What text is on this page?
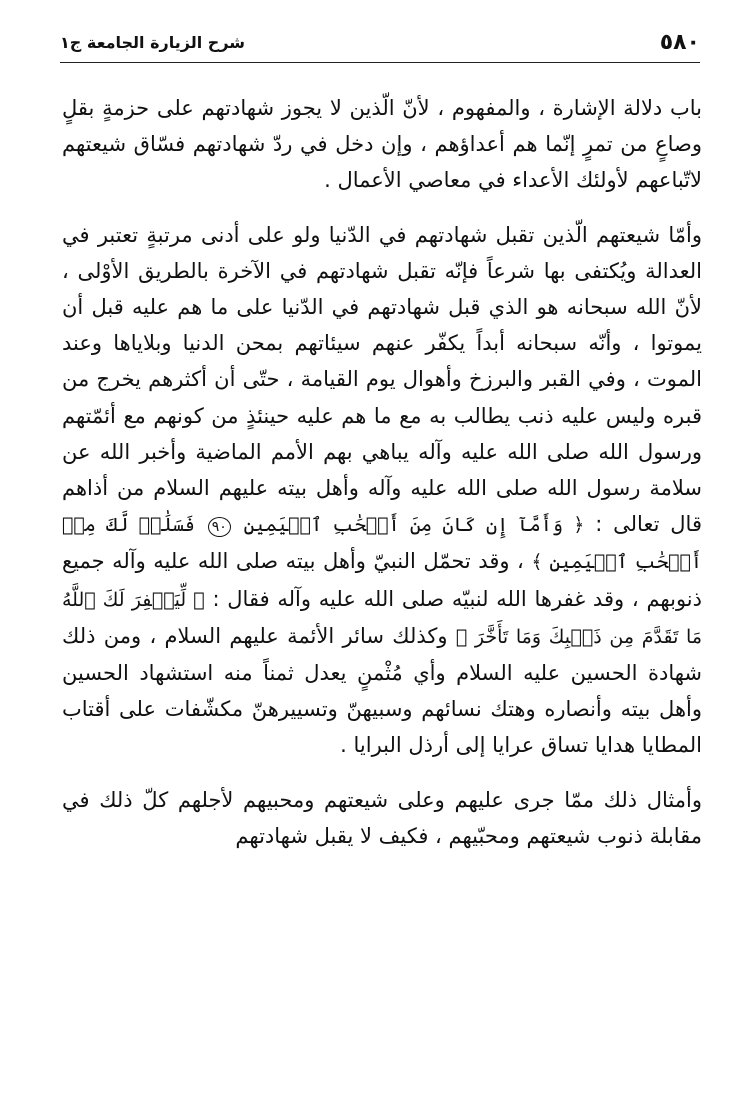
٥٨٠
شرح الزيارة الجامعة ج١

باب دلالة الإشارة ، والمفهوم ، لأنّ الّذين لا يجوز شهادتهم على حزمةٍ بقلٍ وصاعٍ من تمرٍ إنّما هم أعداؤهم ، وإن دخل في ردّ شهادتهم فسّاق شيعتهم لاتّباعهم لأولئك الأعداء في معاصي الأعمال .

وأمّا شيعتهم الّذين تقبل شهادتهم في الدّنيا ولو على أدنى مرتبةٍ تعتبر في العدالة ويُكتفى بها شرعاً فإنّه تقبل شهادتهم في الآخرة بالطريق الأوْلى ، لأنّ الله سبحانه هو الذي قبل شهادتهم في الدّنيا على ما هم عليه قبل أن يموتوا ، وأنّه سبحانه أبداً يكفّر عنهم سيئاتهم بمحن الدنيا وبلاياها وعند الموت ، وفي القبر والبرزخ وأهوال يوم القيامة ، حتّى أن أكثرهم يخرج من قبره وليس عليه ذنب يطالب به مع ما هم عليه حينئذٍ من كونهم مع أئمّتهم ورسول الله صلى الله عليه وآله يباهي بهم الأمم الماضية وأخبر الله عن سلامة رسول الله صلى الله عليه وآله وأهل بيته عليهم السلام من أذاهم قال تعالى : ﴿ وَأَمَّآ إِن كَانَ مِنَ أَصۡحَٰبِ ٱلۡيَمِينِ ٩٠ فَسَلَٰمٞ لَّكَ مِنۡ أَصۡحَٰبِ ٱلۡيَمِينِ ﴾ ، وقد تحمّل النبيّ وأهل بيته صلى الله عليه وآله جميع ذنوبهم ، وقد غفرها الله لنبيّه صلى الله عليه وآله فقال : ﴿ لِّيَغۡفِرَ لَكَ ٱللَّهُ مَا تَقَدَّمَ مِن ذَنۢبِكَ وَمَا تَأَخَّرَ ﴾ وكذلك سائر الأئمة عليهم السلام ، ومن ذلك شهادة الحسين عليه السلام وأي مُثْمنٍ يعدل ثمناً منه استشهاد الحسين وأهل بيته وأنصاره وهتك نسائهم وسبيهنّ وتسييرهنّ مكشّفات على أقتاب المطايا هدايا تساق عرايا إلى أرذل البرايا .

وأمثال ذلك ممّا جرى عليهم وعلى شيعتهم ومحبيهم لأجلهم كلّ ذلك في مقابلة ذنوب شيعتهم ومحبّيهم ، فكيف لا يقبل شهادتهم
